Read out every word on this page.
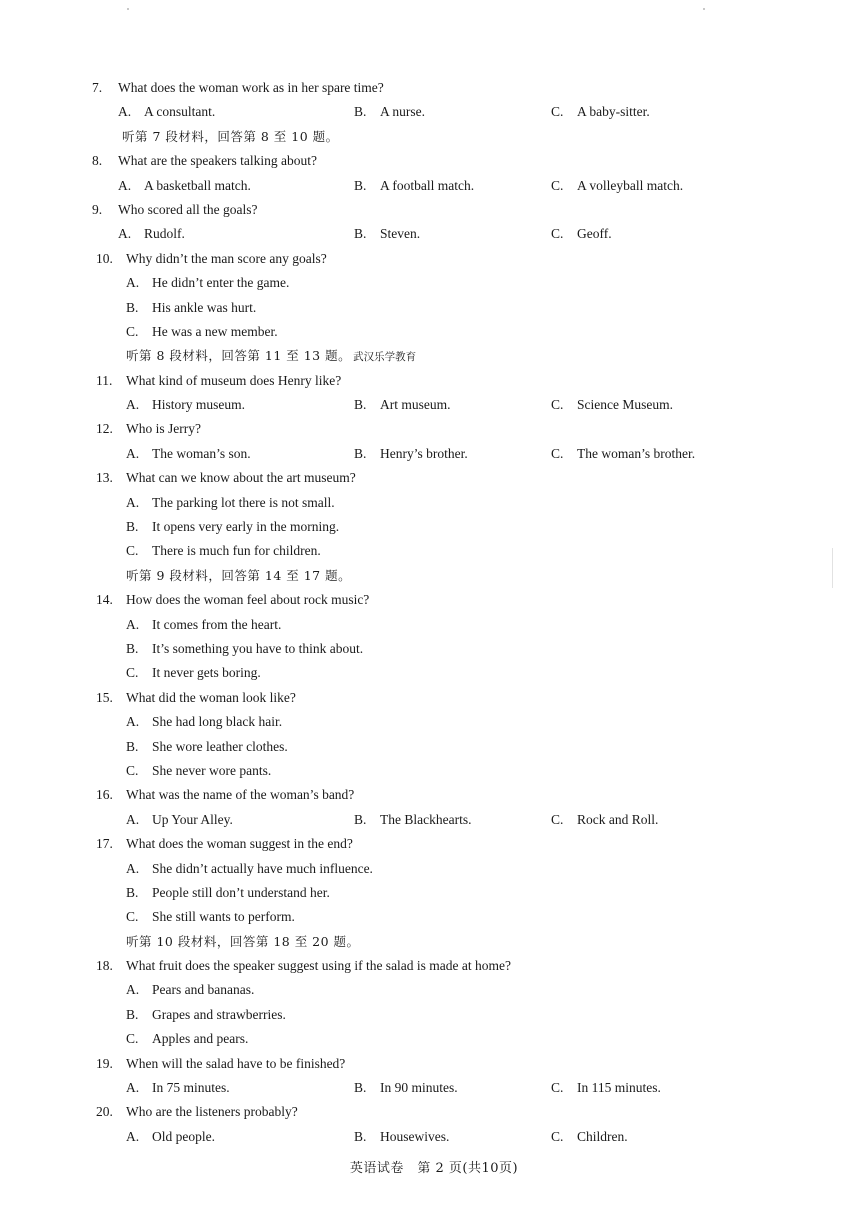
7.	What does the woman work as in her spare time?
A. A consultant.	B. A nurse.	C. A baby-sitter.
听第 7 段材料，回答第 8 至 10 题。
8.	What are the speakers talking about?
A. A basketball match.	B. A football match.	C. A volleyball match.
9.	Who scored all the goals?
A. Rudolf.	B. Steven.	C. Geoff.
10. Why didn’t the man score any goals?
A. He didn’t enter the game.
B. His ankle was hurt.
C. He was a new member.
听第 8 段材料，回答第 11 至 13 题。 武汉乐学教育
11.	What kind of museum does Henry like?
A. History museum.	B. Art museum.	C. Science Museum.
12. Who is Jerry?
A. The woman’s son.	B. Henry’s brother.	C. The woman’s brother.
13. What can we know about the art museum?
A. The parking lot there is not small.
B. It opens very early in the morning.
C. There is much fun for children.
听第 9 段材料，回答第 14 至 17 题。
14. How does the woman feel about rock music?
A. It comes from the heart.
B. It’s something you have to think about.
C. It never gets boring.
15. What did the woman look like?
A. She had long black hair.
B. She wore leather clothes.
C. She never wore pants.
16. What was the name of the woman’s band?
A. Up Your Alley.	B. The Blackhearts.	C. Rock and Roll.
17. What does the woman suggest in the end?
A. She didn’t actually have much influence.
B. People still don’t understand her.
C. She still wants to perform.
听第 10 段材料，回答第 18 至 20 题。
18. What fruit does the speaker suggest using if the salad is made at home?
A. Pears and bananas.
B. Grapes and strawberries.
C. Apples and pears.
19. When will the salad have to be finished?
A. In 75 minutes.	B. In 90 minutes.	C. In 115 minutes.
20. Who are the listeners probably?
A. Old people.	B. Housewives.	C. Children.
英语试卷　第 2 页(共10页)
